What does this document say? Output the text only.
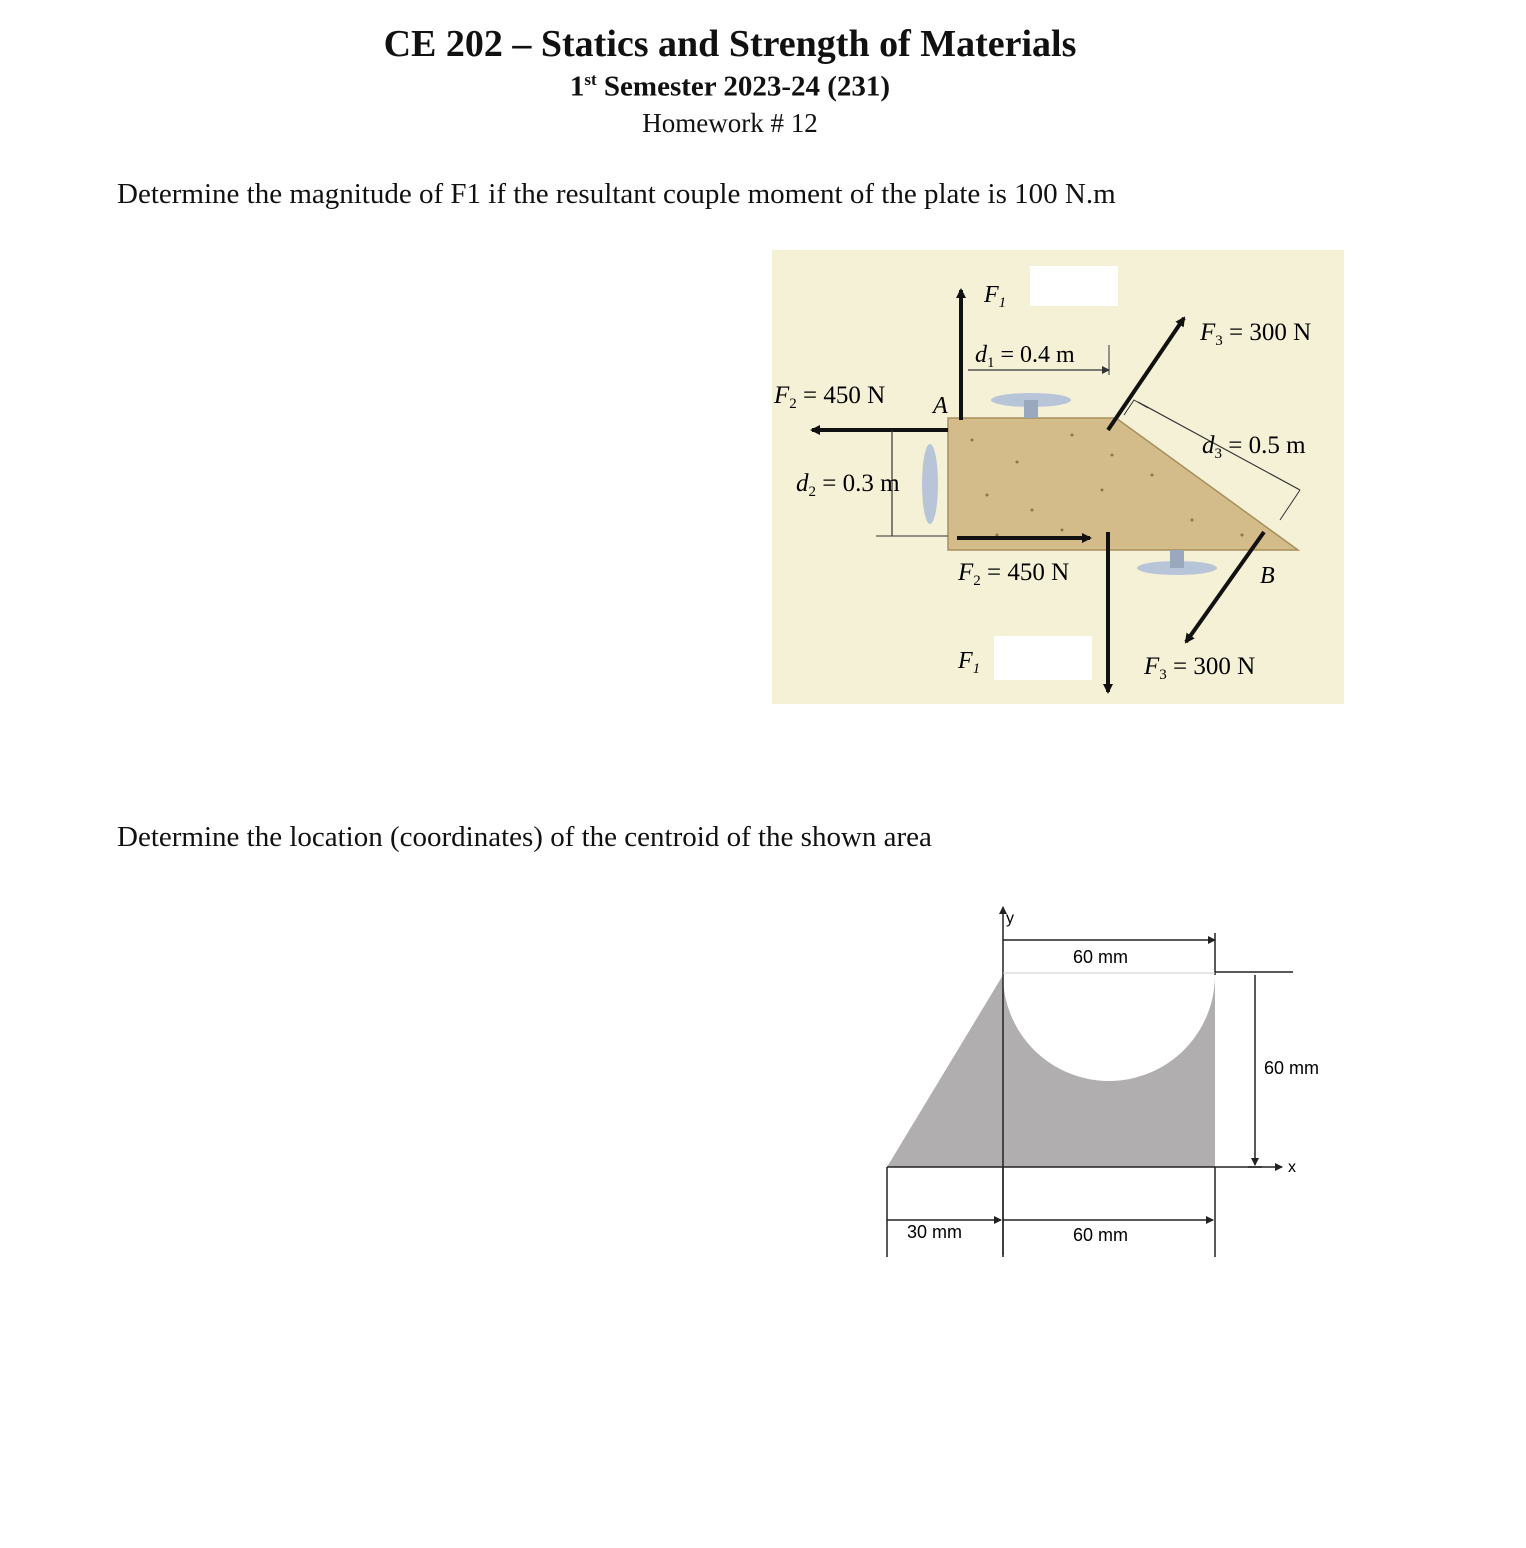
CE 202 – Statics and Strength of Materials
1st Semester 2023-24 (231)
Homework # 12
Determine the magnitude of F1 if the resultant couple moment of the plate is 100 N.m
$F_1$
$d_1 = 0.4$ m
$F_2 = 450$ N A
$d_2 = 0.3$ m
$F_3 = 300$ N
$d_3 = 0.5$ m
$F_2 = 450$ N	B
$F_1$	$F_3 = 300$ N
Determine the location (coordinates) of the centroid of the shown area
y
x
60 mm
60 mm
30 mm	60 mm
